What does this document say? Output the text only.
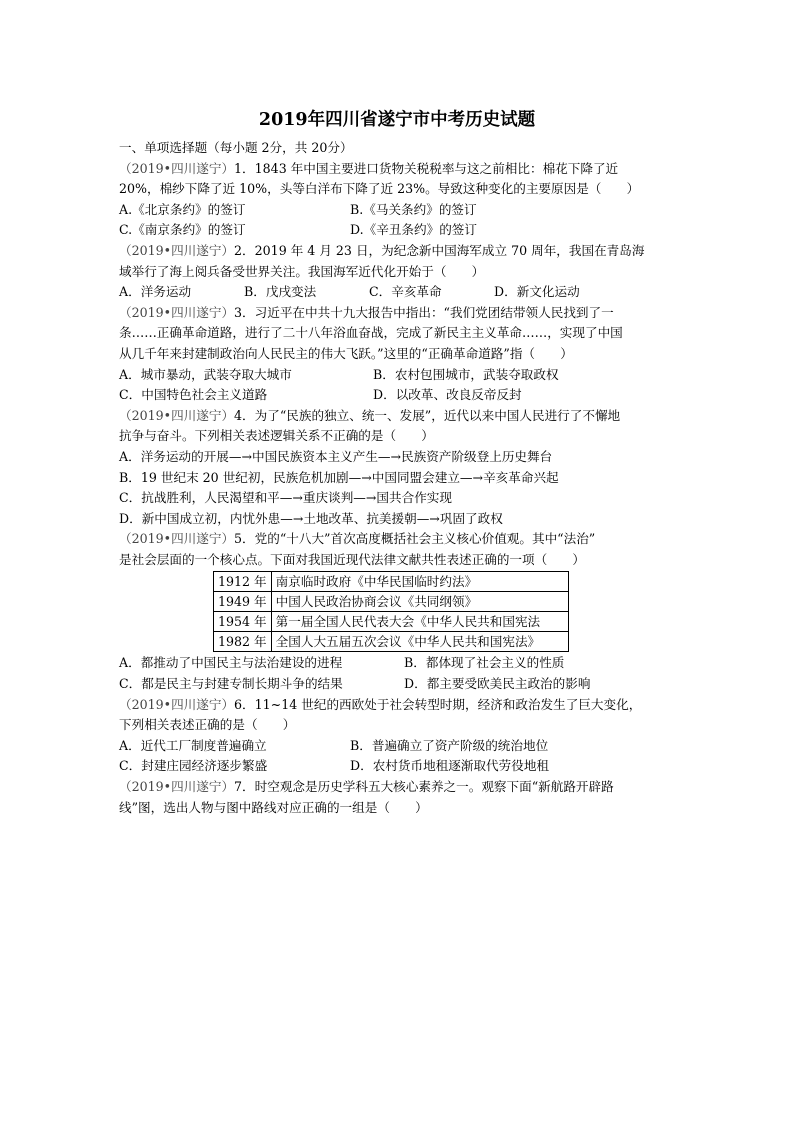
2019年四川省遂宁市中考历史试题
一、单项选择题（每小题 2分，共 20分）
（2019•四川遂宁）1．1843 年中国主要进口货物关税税率与这之前相比：棉花下降了近
20%，棉纱下降了近 10%，头等白洋布下降了近 23%。导致这种变化的主要原因是（　　）
A.《北京条约》的签订	B.《马关条约》的签订
C.《南京条约》的签订	D.《辛丑条约》的签订
（2019•四川遂宁）2．2019 年 4 月 23 日，为纪念新中国海军成立 70 周年，我国在青岛海
域举行了海上阅兵备受世界关注。我国海军近代化开始于（　　）
A．洋务运动	B．戊戌变法	C．辛亥革命	D．新文化运动
（2019•四川遂宁）3．习近平在中共十九大报告中指出：“我们党团结带领人民找到了一
条……正确革命道路，进行了二十八年浴血奋战，完成了新民主主义革命……，实现了中国
从几千年来封建制政治向人民民主的伟大飞跃。”这里的“正确革命道路”指（　　）
A．城市暴动，武装夺取大城市	B．农村包围城市，武装夺取政权
C．中国特色社会主义道路	D．以改革、改良反帝反封
（2019•四川遂宁）4．为了“民族的独立、统一、发展”，近代以来中国人民进行了不懈地
抗争与奋斗。下列相关表述逻辑关系不正确的是（　　）
A．洋务运动的开展—→中国民族资本主义产生—→民族资产阶级登上历史舞台
B．19 世纪末 20 世纪初，民族危机加剧—→中国同盟会建立—→辛亥革命兴起
C．抗战胜利，人民渴望和平—→重庆谈判—→国共合作实现
D．新中国成立初，内忧外患—→土地改革、抗美援朝—→巩固了政权
（2019•四川遂宁）5．党的“十八大”首次高度概括社会主义核心价值观。其中“法治”
是社会层面的一个核心点。下面对我国近现代法律文献共性表述正确的一项（　　）
1912 年	南京临时政府《中华民国临时约法》
1949 年	中国人民政治协商会议《共同纲领》
1954 年	第一届全国人民代表大会《中华人民共和国宪法
1982 年	全国人大五届五次会议《中华人民共和国宪法》
A．都推动了中国民主与法治建设的进程	B．都体现了社会主义的性质
C．都是民主与封建专制长期斗争的结果	D．都主要受欧美民主政治的影响
（2019•四川遂宁）6．11~14 世纪的西欧处于社会转型时期，经济和政治发生了巨大变化，
下列相关表述正确的是（　　）
A．近代工厂制度普遍确立	B．普遍确立了资产阶级的统治地位
C．封建庄园经济逐步繁盛	D．农村货币地租逐渐取代劳役地租
（2019•四川遂宁）7．时空观念是历史学科五大核心素养之一。观察下面“新航路开辟路
线”图，选出人物与图中路线对应正确的一组是（　　）
